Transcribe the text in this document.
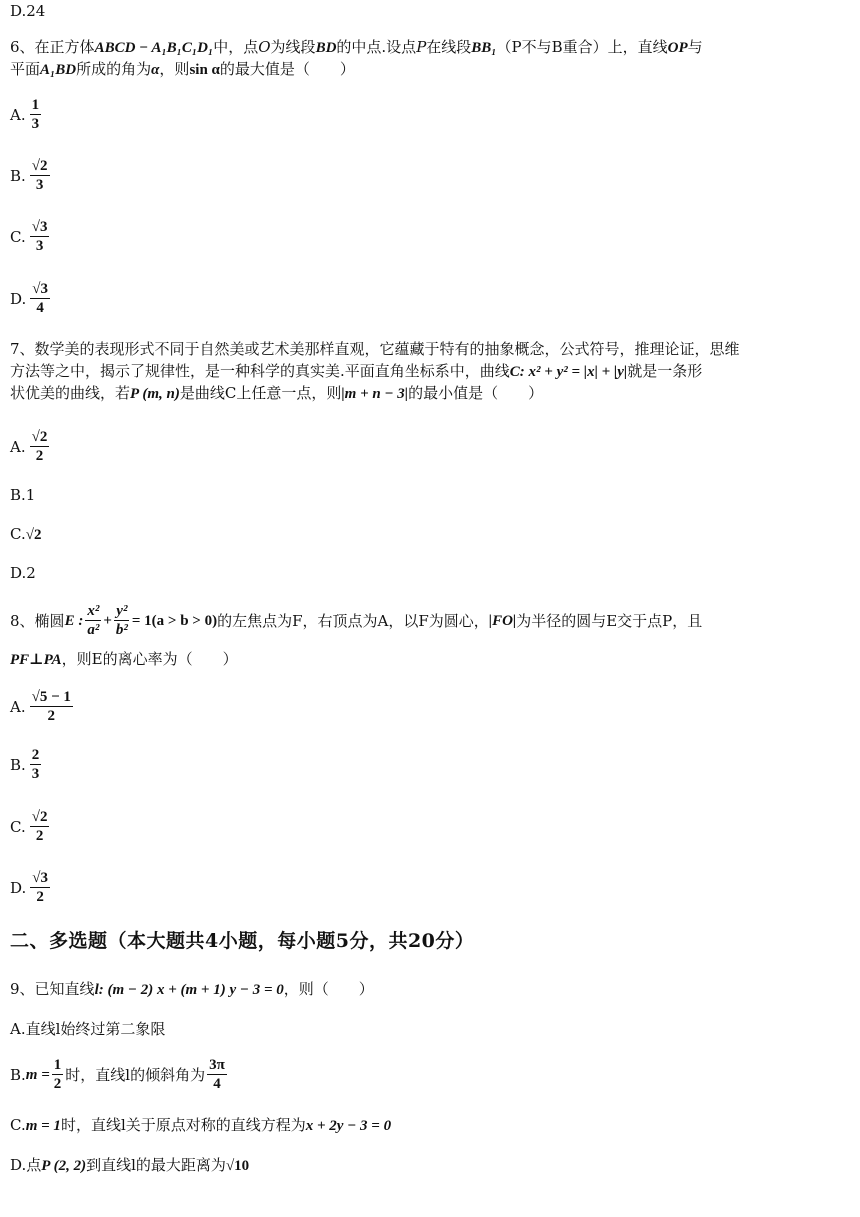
D.24
6、在正方体ABCD − A₁B₁C₁D₁中，点O为线段BD的中点.设点P在线段BB₁（P不与B重合）上，直线OP与
平面A₁BD所成的角为α，则sin α的最大值是（　　）
A. $\frac{1}{3}$
B. $\frac{√2}{3}$
C. $\frac{√3}{3}$
D. $\frac{√3}{4}$
7、数学美的表现形式不同于自然美或艺术美那样直观，它蕴藏于特有的抽象概念，公式符号，推理论证，思维
方法等之中，揭示了规律性，是一种科学的真实美.平面直角坐标系中，曲线C: x² + y² = |x| + |y|就是一条形
状优美的曲线，若P (m, n)是曲线C上任意一点，则|m + n − 3|的最小值是（　　）
A. $\frac{√2}{2}$
B.1
C.√2
D.2
8、 椭圆 E : $\frac{\text{x²}}{\text{a²}} + \frac{\text{y²}}{\text{b²}} = 1(a > b > 0)$ 的左焦点为F，右顶点为A，以F为圆心， |FO| 为半径的圆与E交于点P，且
PF⊥PA，则E的离心率为（　　）
A. $\frac{√5 - 1}{2}$
B. $\frac{2}{3}$
C. $\frac{√2}{2}$
D. $\frac{√3}{2}$
二、多选题（本大题共4小题，每小题5分，共20分）
9、已知直线l: (m − 2) x + (m + 1) y − 3 = 0，则（　　）
A.直线l始终过第二象限
B. $m = \frac{1}{2}$ 时，直线l的倾斜角为 $\frac{3\pi}{4}$
C.m = 1时，直线l关于原点对称的直线方程为x + 2y − 3 = 0
D.点P (2, 2)到直线l的最大距离为√10
